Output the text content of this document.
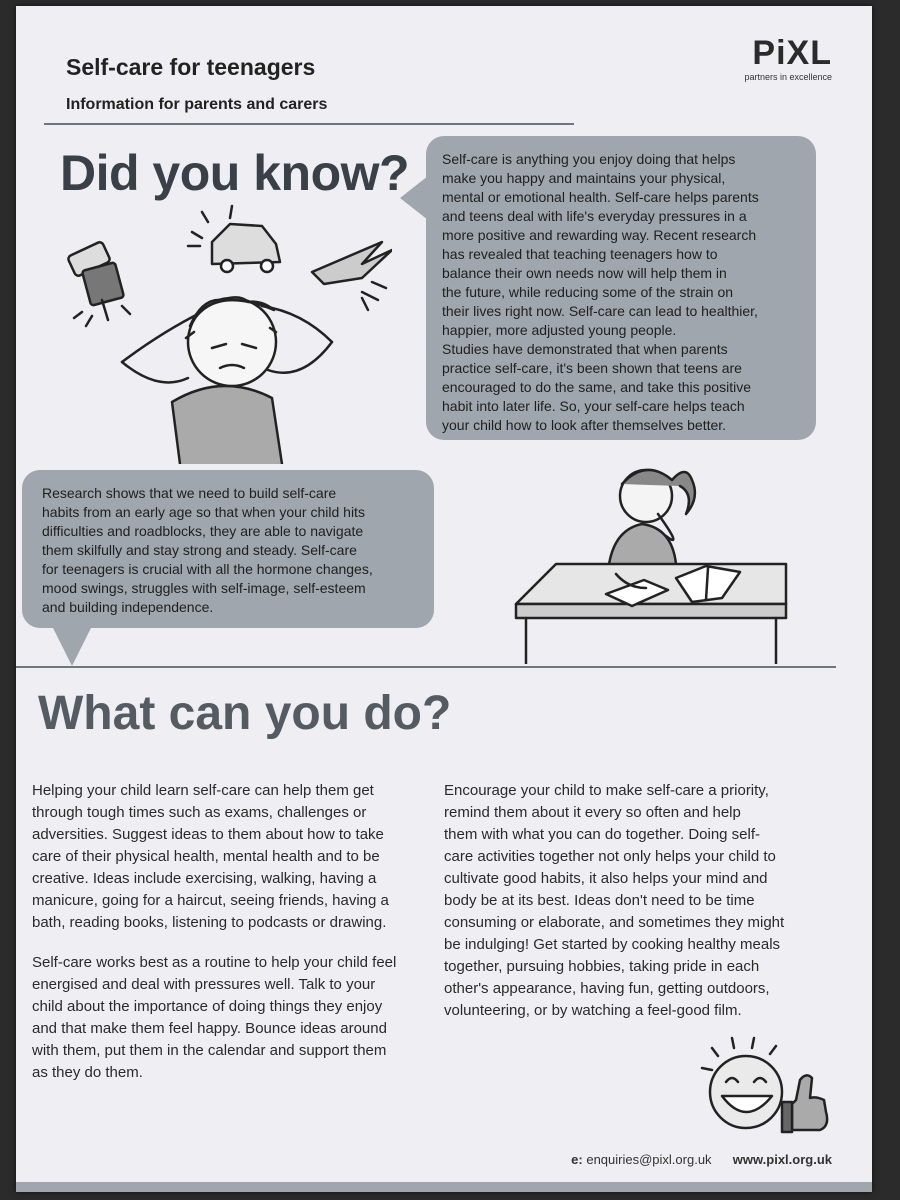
Self-care for teenagers
Information for parents and carers
PiXL
partners in excellence
Did you know? Self-care is anything you enjoy doing that helps
make you happy and maintains your physical,
mental or emotional health. Self-care helps parents
and teens deal with life's everyday pressures in a
more positive and rewarding way. Recent research
has revealed that teaching teenagers how to
balance their own needs now will help them in
the future, while reducing some of the strain on
their lives right now. Self-care can lead to healthier,
happier, more adjusted young people.
Studies have demonstrated that when parents
practice self-care, it's been shown that teens are
encouraged to do the same, and take this positive
habit into later life. So, your self-care helps teach
your child how to look after themselves better.
Research shows that we need to build self-care
habits from an early age so that when your child hits
difficulties and roadblocks, they are able to navigate
them skilfully and stay strong and steady. Self-care
for teenagers is crucial with all the hormone changes,
mood swings, struggles with self-image, self-esteem
and building independence.
What can you do?

Helping your child learn self-care can help them get
through tough times such as exams, challenges or
adversities. Suggest ideas to them about how to take
care of their physical health, mental health and to be
creative. Ideas include exercising, walking, having a
manicure, going for a haircut, seeing friends, having a
bath, reading books, listening to podcasts or drawing.

Self-care works best as a routine to help your child feel
energised and deal with pressures well. Talk to your
child about the importance of doing things they enjoy
and that make them feel happy. Bounce ideas around
with them, put them in the calendar and support them
as they do them.

Encourage your child to make self-care a priority,
remind them about it every so often and help
them with what you can do together. Doing self-
care activities together not only helps your child to
cultivate good habits, it also helps your mind and
body be at its best. Ideas don't need to be time
consuming or elaborate, and sometimes they might
be indulging! Get started by cooking healthy meals
together, pursuing hobbies, taking pride in each
other's appearance, having fun, getting outdoors,
volunteering, or by watching a feel-good film.

e: enquiries@pixl.org.uk www.pixl.org.uk
